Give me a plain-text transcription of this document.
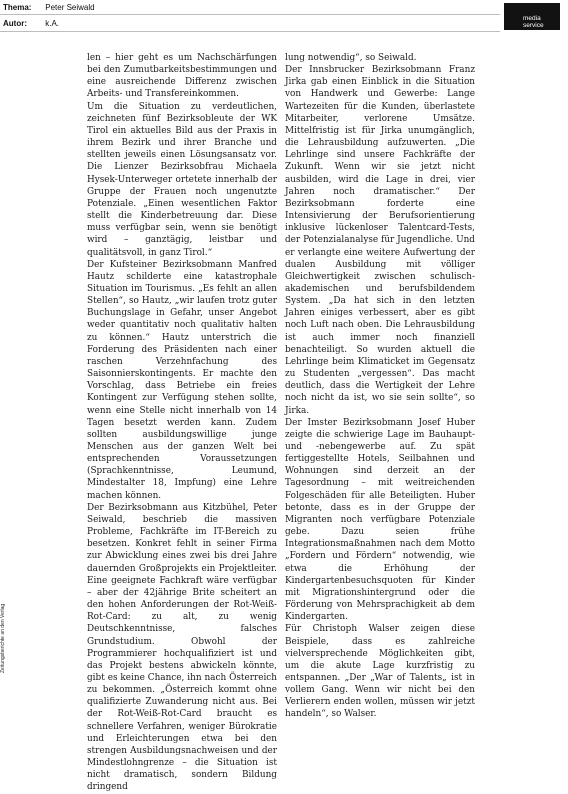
Thema: Peter Seiwald
Autor: k.A.
media
service
Zeitungsberichte an den Verlag

len – hier geht es um Nachschärfungen bei den Zumutbarkeitsbestimmungen und eine ausreichende Differenz zwischen Arbeits- und Transfereinkommen.

Um die Situation zu verdeutlichen, zeichneten fünf Bezirksobleute der WK Tirol ein aktuelles Bild aus der Praxis in ihrem Bezirk und ihrer Branche und stellten jeweils einen Lösungsansatz vor. Die Lienzer Bezirksobfrau Michaela Hysek-Unterweger ortetete innerhalb der Gruppe der Frauen noch ungenutzte Potenziale. „Einen wesentlichen Faktor stellt die Kinderbetreuung dar. Diese muss verfügbar sein, wenn sie benötigt wird – ganztägig, leistbar und qualitätsvoll, in ganz Tirol.“

Der Kufsteiner Bezirksobmann Manfred Hautz schilderte eine katastrophale Situation im Tourismus. „Es fehlt an allen Stellen“, so Hautz, „wir laufen trotz guter Buchungslage in Gefahr, unser Angebot weder quantitativ noch qualitativ halten zu können.“ Hautz unterstrich die Forderung des Präsidenten nach einer raschen Verzehnfachung des Saisonnierskontingents. Er machte den Vorschlag, dass Betriebe ein freies Kontingent zur Verfügung stehen sollte, wenn eine Stelle nicht innerhalb von 14 Tagen besetzt werden kann. Zudem sollten ausbildungswillige junge Menschen aus der ganzen Welt bei entsprechenden Voraussetzungen (Sprachkenntnisse, Leumund, Mindestalter 18, Impfung) eine Lehre machen können.

Der Bezirksobmann aus Kitzbühel, Peter Seiwald, beschrieb die massiven Probleme, Fachkräfte im IT-Bereich zu besetzen. Konkret fehlt in seiner Firma zur Abwicklung eines zwei bis drei Jahre dauernden Großprojekts ein Projektleiter. Eine geeignete Fachkraft wäre verfügbar – aber der 42jährige Brite scheitert an den hohen Anforderungen der Rot-Weiß-Rot-Card: zu alt, zu wenig Deutschkenntnisse, falsches Grundstudium. Obwohl der Programmierer hochqualifiziert ist und das Projekt bestens abwickeln könnte, gibt es keine Chance, ihn nach Österreich zu bekommen. „Österreich kommt ohne qualifizierte Zuwanderung nicht aus. Bei der Rot-Weiß-Rot-Card braucht es schnellere Verfahren, weniger Bürokratie und Erleichterungen etwa bei den strengen Ausbildungsnachweisen und der Mindestlohngrenze – die Situation ist nicht dramatisch, sondern Bildung dringend

lung notwendig“, so Seiwald.

Der Innsbrucker Bezirksobmann Franz Jirka gab einen Einblick in die Situation von Handwerk und Gewerbe: Lange Wartezeiten für die Kunden, überlastete Mitarbeiter, verlorene Umsätze. Mittelfristig ist für Jirka unumgänglich, die Lehrausbildung aufzuwerten. „Die Lehrlinge sind unsere Fachkräfte der Zukunft. Wenn wir sie jetzt nicht ausbilden, wird die Lage in drei, vier Jahren noch dramatischer.“ Der Bezirksobmann forderte eine Intensivierung der Berufsorientierung inklusive lückenloser Talentcard-Tests, der Potenzialanalyse für Jugendliche. Und er verlangte eine weitere Aufwertung der dualen Ausbildung mit völliger Gleichwertigkeit zwischen schulisch-akademischen und berufsbildendem System. „Da hat sich in den letzten Jahren einiges verbessert, aber es gibt noch Luft nach oben. Die Lehrausbildung ist auch immer noch finanziell benachteiligt. So wurden aktuell die Lehrlinge beim Klimaticket im Gegensatz zu Studenten „vergessen“. Das macht deutlich, dass die Wertigkeit der Lehre noch nicht da ist, wo sie sein sollte“, so Jirka.

Der Imster Bezirksobmann Josef Huber zeigte die schwierige Lage im Bauhaupt- und -nebengewerbe auf. Zu spät fertiggestellte Hotels, Seilbahnen und Wohnungen sind derzeit an der Tagesordnung – mit weitreichenden Folgeschäden für alle Beteiligten. Huber betonte, dass es in der Gruppe der Migranten noch verfügbare Potenziale gebe. Dazu seien frühe Integrationsmaßnahmen nach dem Motto „Fordern und Fördern“ notwendig, wie etwa die Erhöhung der Kindergartenbesuchsquoten für Kinder mit Migrationshintergrund oder die Förderung von Mehrsprachigkeit ab dem Kindergarten.

Für Christoph Walser zeigen diese Beispiele, dass es zahlreiche vielversprechende Möglichkeiten gibt, um die akute Lage kurzfristig zu entspannen. „Der „War of Talents„ ist in vollem Gang. Wenn wir nicht bei den Verlierern enden wollen, müssen wir jetzt handeln“, so Walser.
